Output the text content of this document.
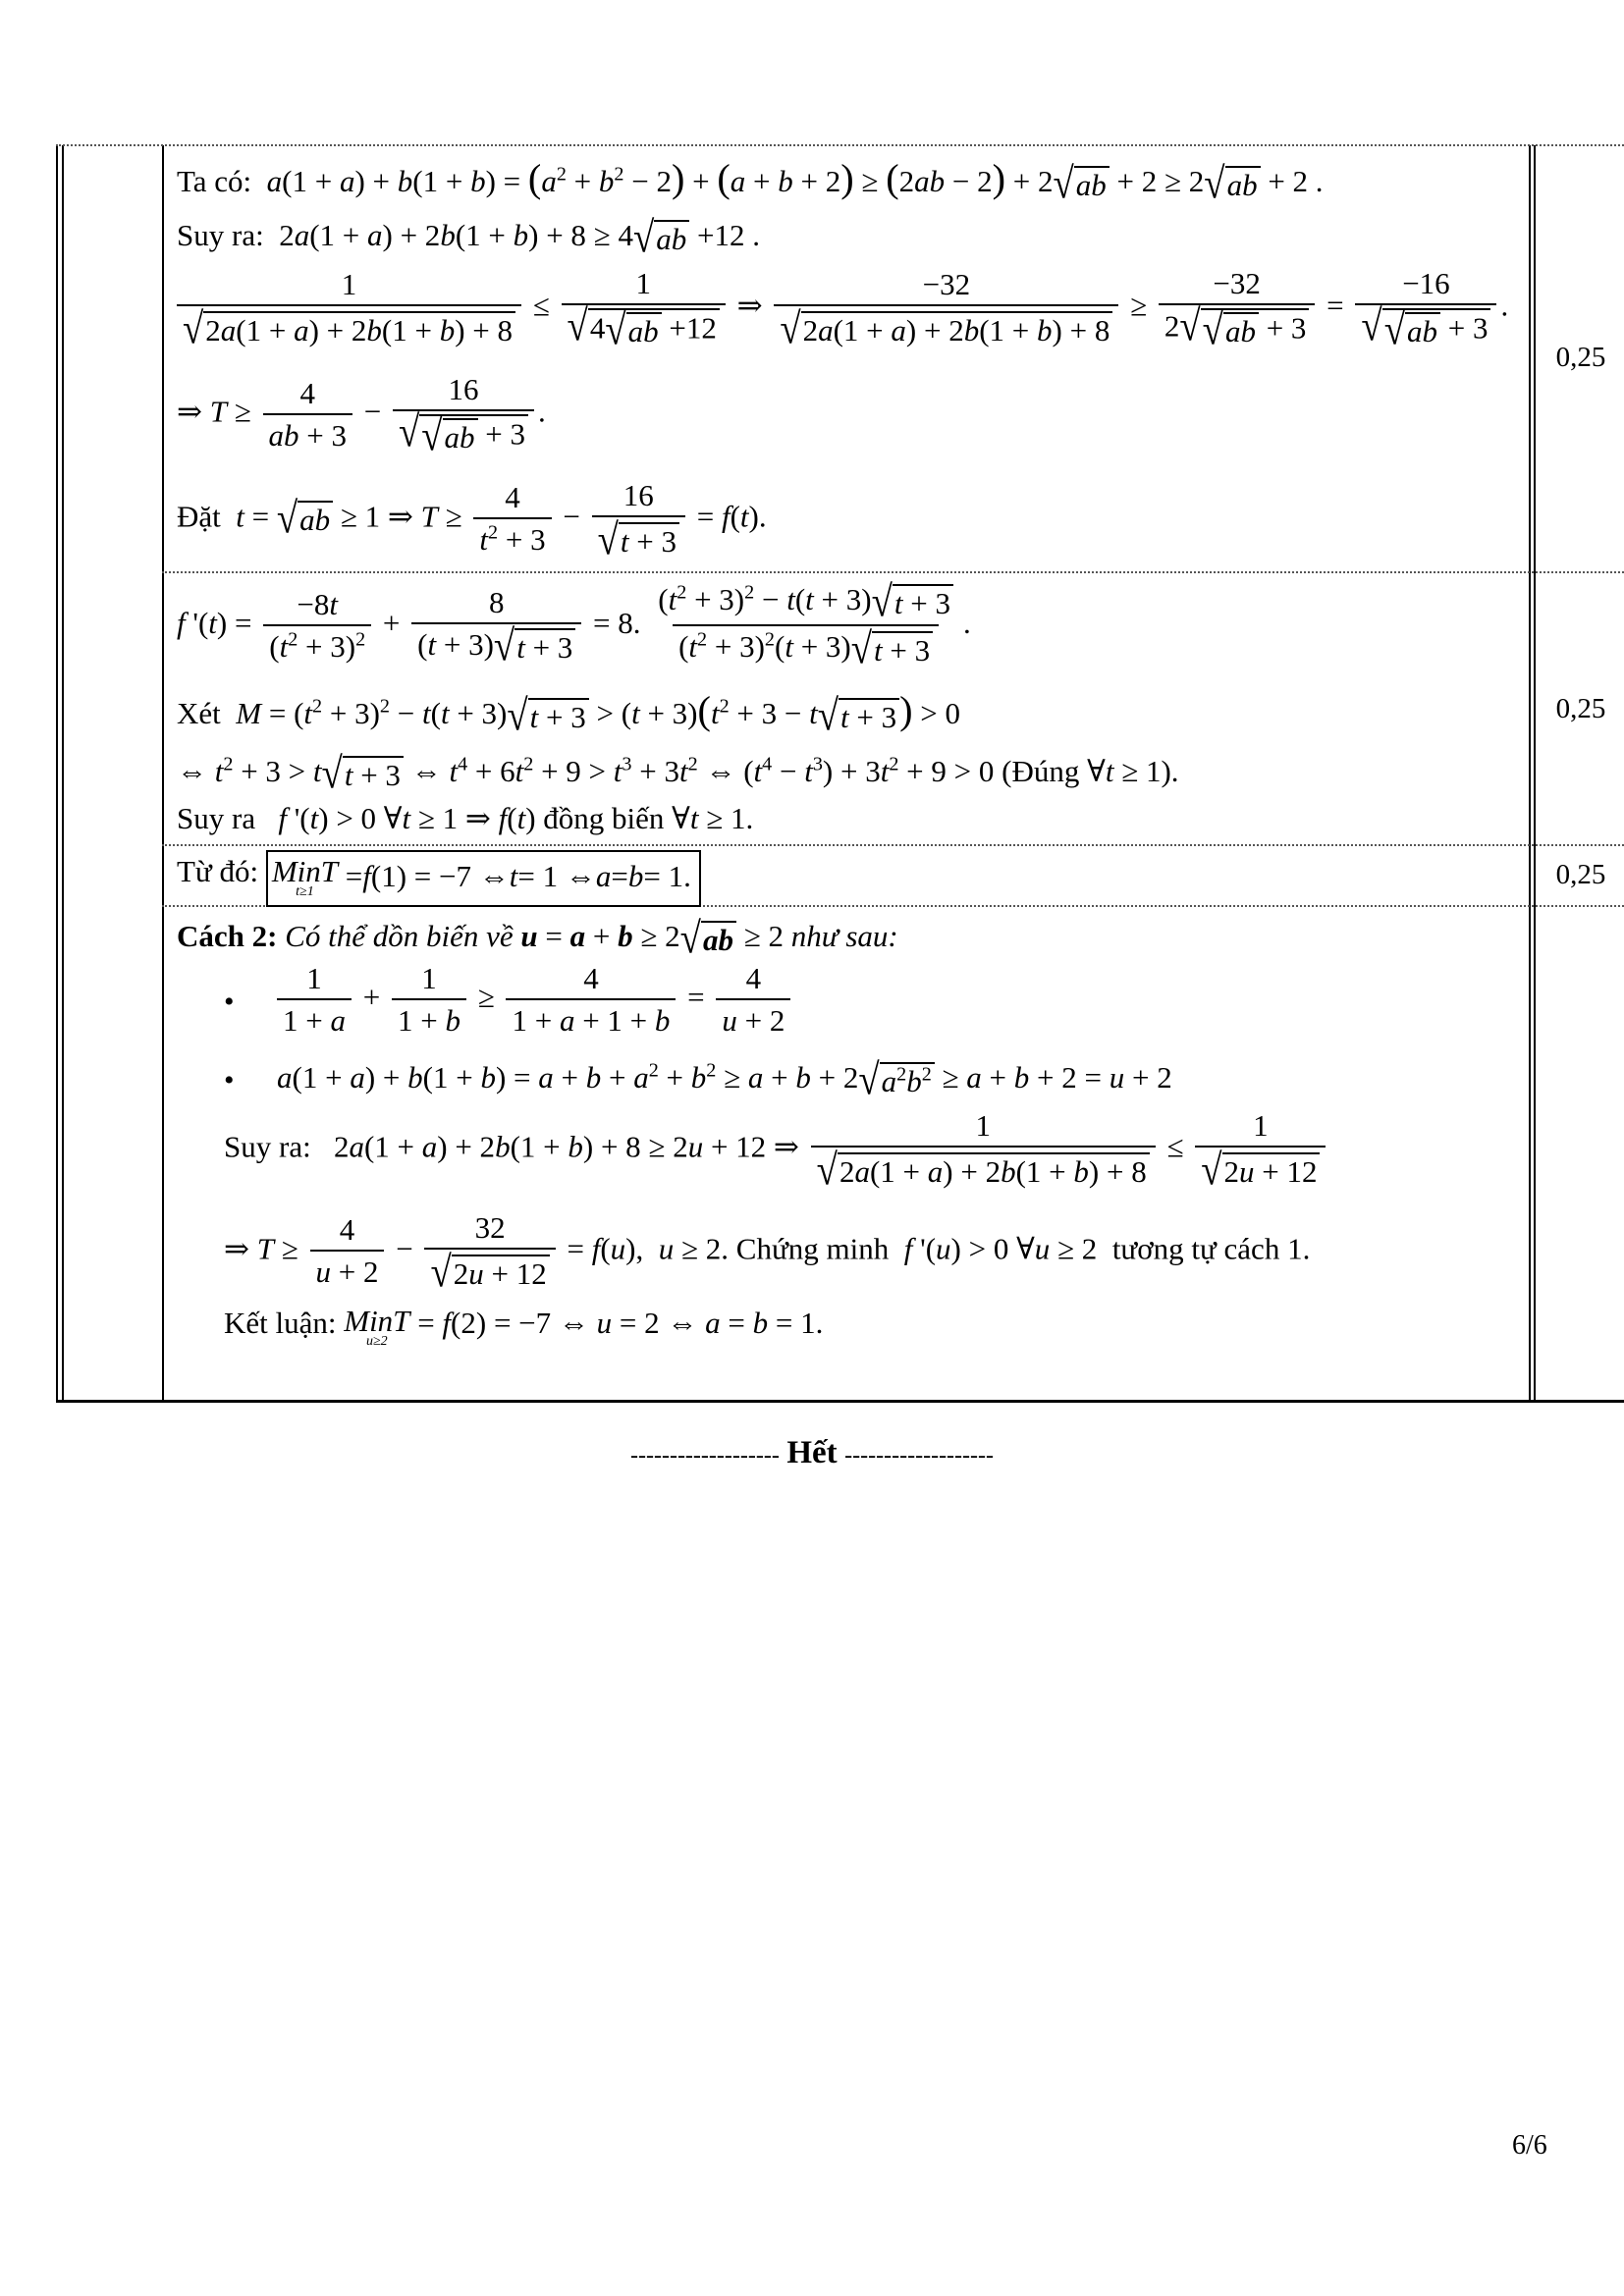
0,25
0,25
0,25
Ta có:  $a(1 + a) + b(1 + b) = (a^2 + b^2 - 2) + (a + b + 2) \ge (2ab - 2) + 2$ √ ab + 2 ≥ 2 √ ab + 2 .
Suy ra:  2a(1 + a) + 2b(1 + b) + 8 ≥ 4 √ ab +12 .
$\frac{1}{√ 2a(1 + a) + 2b(1 + b) + 8} \le \frac{1}{√ 4 √ ab +12}$ ⇒ $\frac{-32}{√ 2a(1 + a) + 2b(1 + b) + 8} \ge \frac{-32}{2 √ √ ab + 3} = \frac{-16}{√ √ ab + 3}$ .
⇒ $T \ge \frac{4}{ab + 3} - \frac{16}{√ √ ab + 3}$ .
Đặt t = √ ab ≥ 1 ⇒ $T \ge \frac{4}{t^2 + 3} - \frac{16}{√ t + 3} = f(t)$.
f '$(t) = \frac{-8t}{(t^2 + 3)^2} + \frac{8}{(t + 3) √ t + 3} = 8$. $\frac{(t^2 + 3)^2 - t(t + 3) √ t + 3}{(t^2 + 3)^2(t + 3) √ t + 3}$ .
Xét  $M = (t^2 + 3)^2 - t(t + 3)$ √ $t + 3 > (t + 3)(t^2 + 3 - t$ √ t + 3 ) > 0
⇔ $t^2 + 3 > t$ √ t + 3 ⇔ $t^4 + 6t^2 + 9 > t^3 + 3t^2$ ⇔ $(t^4 - t^3) + 3t^2 + 9 > 0$ (Đúng ∀t ≥ 1).
Suy ra f '(t) > 0 ∀t ≥ 1 ⇒ f(t) đồng biến ∀t ≥ 1.
Từ đó: MinT
t≥1 = f (1) = −7 ⇔ t = 1 ⇔ a = b = 1.
Cách 2: Có thể dồn biến về u = a + b ≥ 2 √ ab ≥ 2 như sau:
• $\frac{1}{1 + a} + \frac{1}{1 + b} \ge \frac{4}{1 + a + 1 + b} = \frac{4}{u + 2}$
• $a(1 + a) + b(1 + b) = a + b + a^2 + b^2 \ge a + b + 2$ √ $a^2b^2 \ge a + b + 2 = u + 2$
Suy ra:   2a(1 + a) + 2b(1 + b) + 8 ≥ 2u + 12 ⇒ $\frac{1}{√ 2a(1 + a) + 2b(1 + b) + 8} \le \frac{1}{√ 2u + 12}$
⇒ $T \ge \frac{4}{u + 2} - \frac{32}{√ 2u + 12} = f(u)$,  u ≥ 2. Chứng minh f '(u) > 0 ∀u ≥ 2  tương tự cách 1.
Kết luận: MinT
u≥2
= f(2) = −7 ⇔ u = 2 ⇔ a = b = 1.
------------------- Hết -------------------
6/6
